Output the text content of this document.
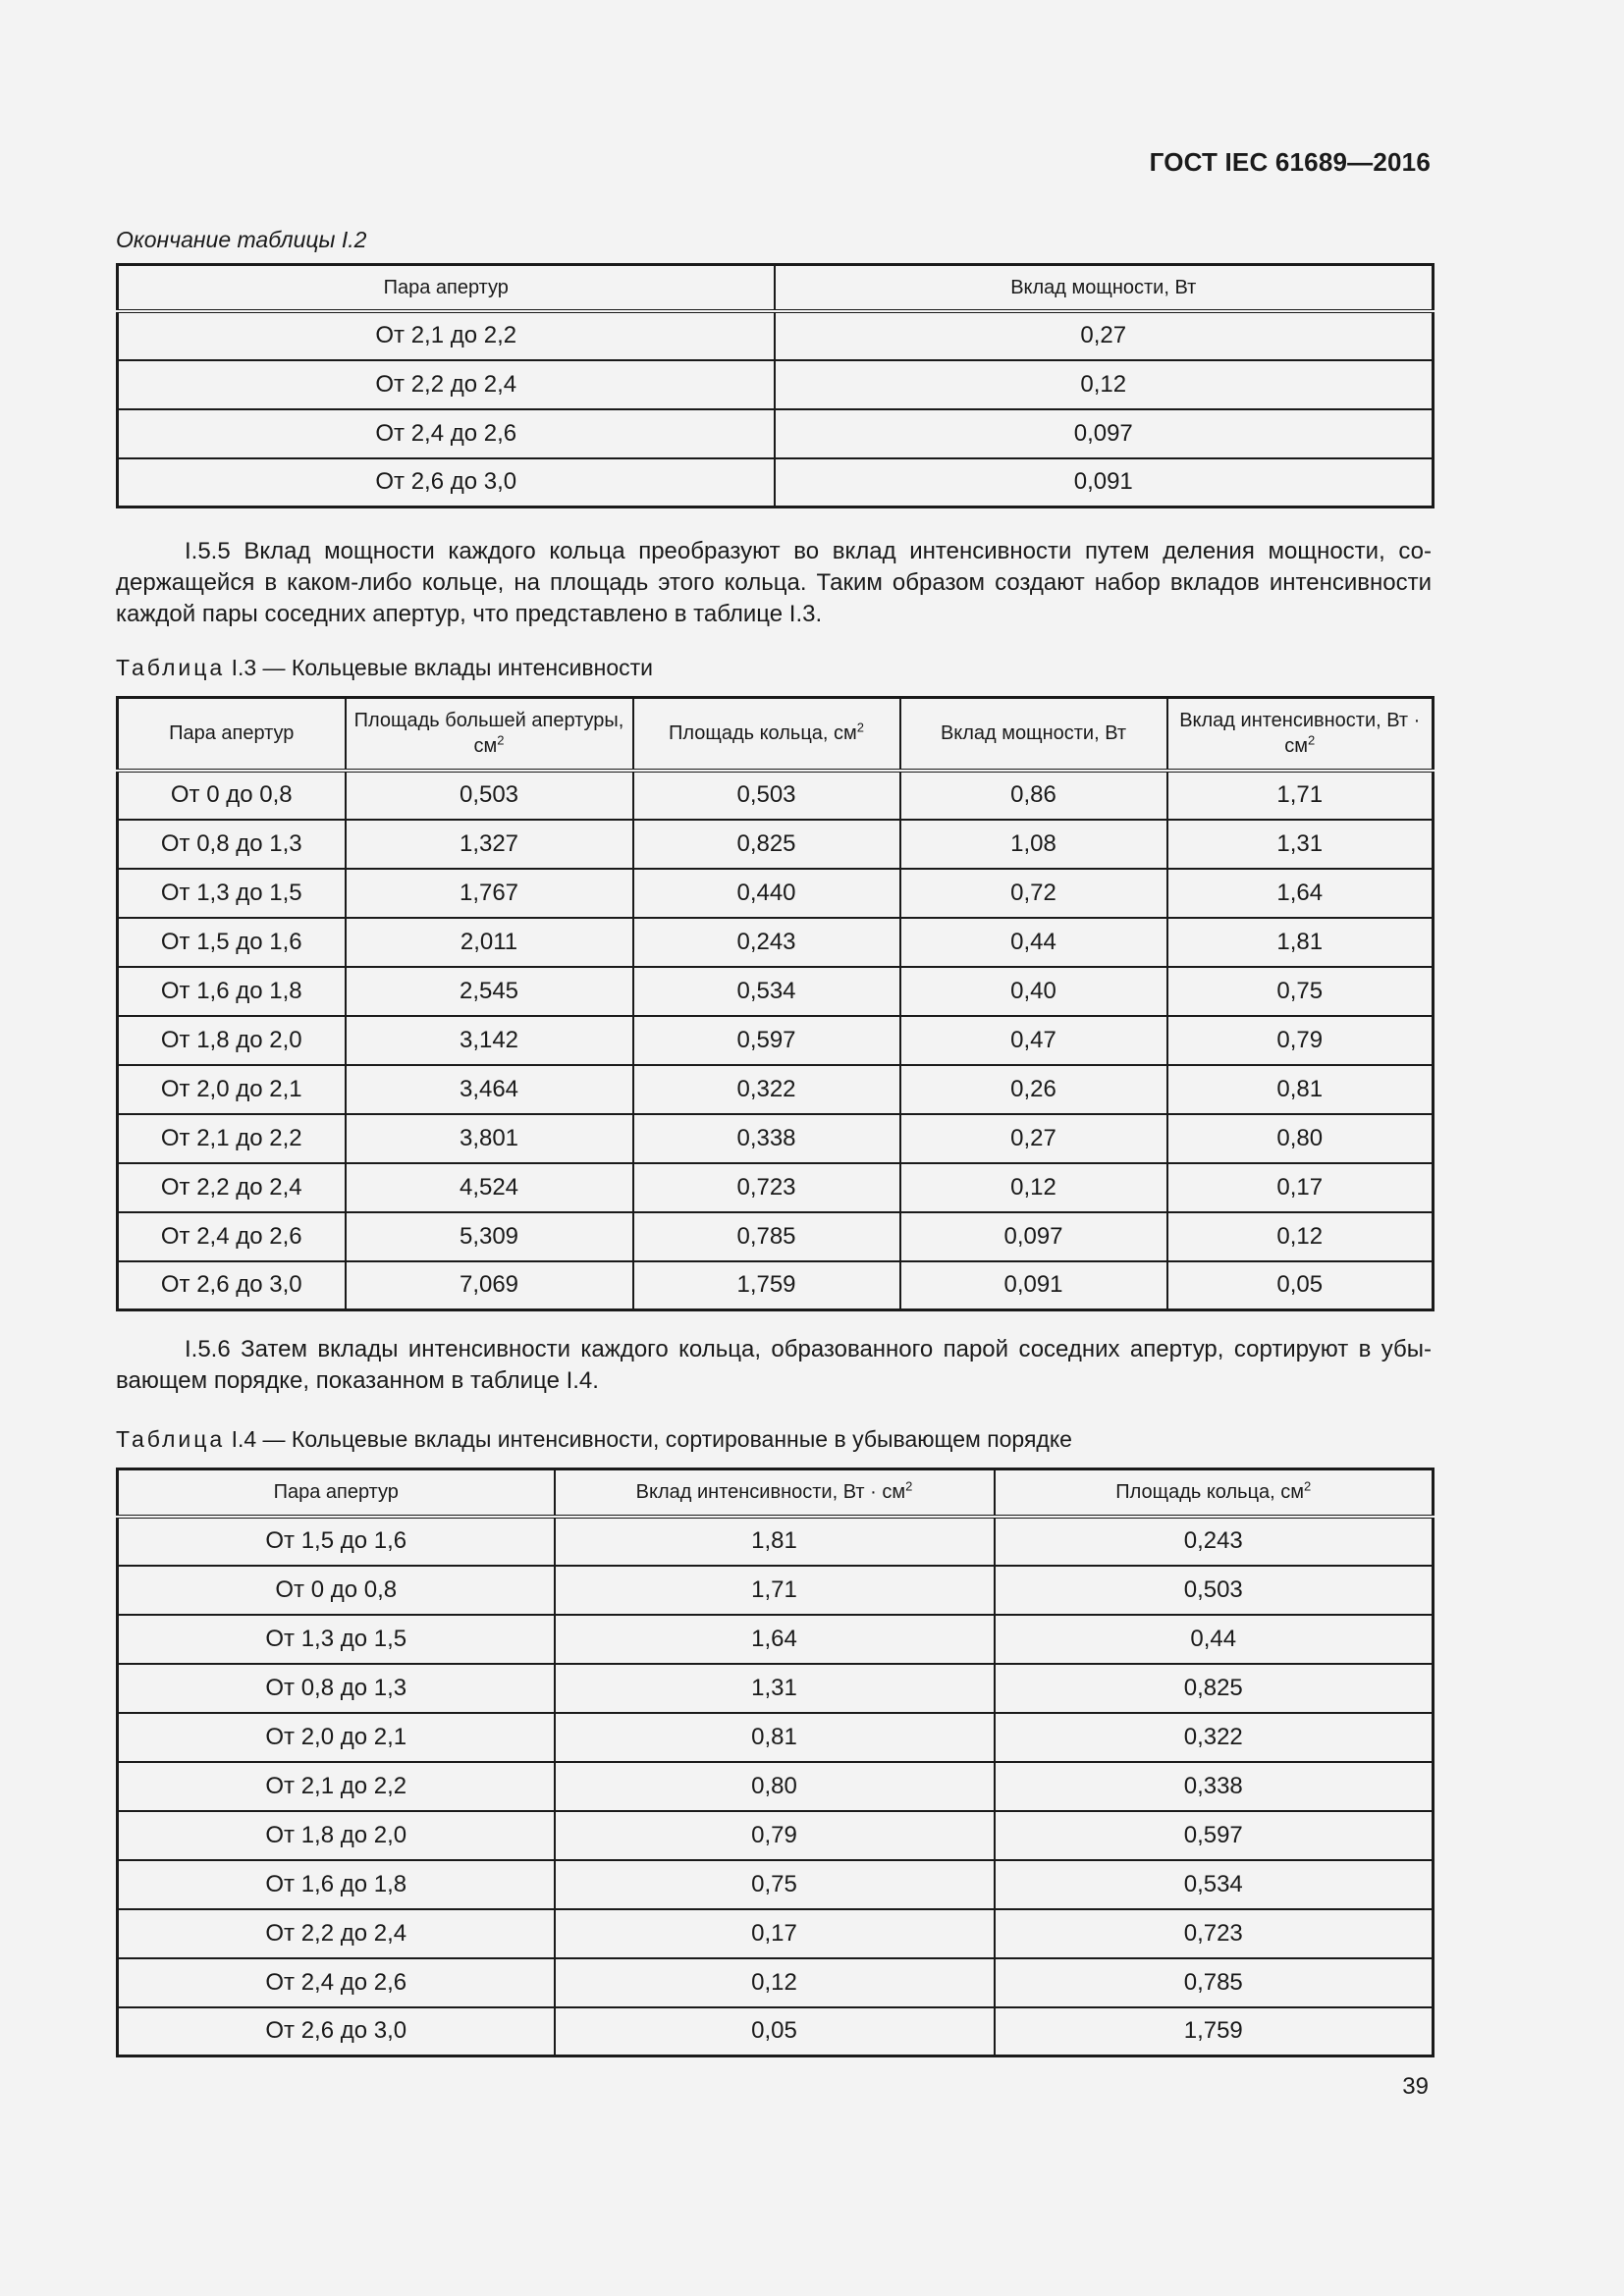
ГОСТ IEC 61689—2016
Окончание таблицы I.2
Пара апертур	Вклад мощности, Вт
От 2,1 до 2,2	0,27
От 2,2 до 2,4	0,12
От 2,4 до 2,6	0,097
От 2,6 до 3,0	0,091
I.5.5 Вклад мощности каждого кольца преобразуют во вклад интенсивности путем деления мощности, со-
держащейся в каком-либо кольце, на площадь этого кольца. Таким образом создают набор вкладов интенсивности каждой пары соседних апертур, что представлено в таблице I.3.
Таблица I.3 — Кольцевые вклады интенсивности
Пара апертур	Площадь большей апертуры, $см^2$	Площадь кольца, $см^2$	Вклад мощности, Вт	Вклад интенсивности, Вт · $см^2$
От 0 до 0,8	0,503	0,503	0,86	1,71
От 0,8 до 1,3	1,327	0,825	1,08	1,31
От 1,3 до 1,5	1,767	0,440	0,72	1,64
От 1,5 до 1,6	2,011	0,243	0,44	1,81
От 1,6 до 1,8	2,545	0,534	0,40	0,75
От 1,8 до 2,0	3,142	0,597	0,47	0,79
От 2,0 до 2,1	3,464	0,322	0,26	0,81
От 2,1 до 2,2	3,801	0,338	0,27	0,80
От 2,2 до 2,4	4,524	0,723	0,12	0,17
От 2,4 до 2,6	5,309	0,785	0,097	0,12
От 2,6 до 3,0	7,069	1,759	0,091	0,05
I.5.6 Затем вклады интенсивности каждого кольца, образованного парой соседних апертур, сортируют в убы-
вающем порядке, показанном в таблице I.4.
Таблица I.4 — Кольцевые вклады интенсивности, сортированные в убывающем порядке
Пара апертур	Вклад интенсивности, Вт · $см^2$	Площадь кольца, $см^2$
От 1,5 до 1,6	1,81	0,243
От 0 до 0,8	1,71	0,503
От 1,3 до 1,5	1,64	0,44
От 0,8 до 1,3	1,31	0,825
От 2,0 до 2,1	0,81	0,322
От 2,1 до 2,2	0,80	0,338
От 1,8 до 2,0	0,79	0,597
От 1,6 до 1,8	0,75	0,534
От 2,2 до 2,4	0,17	0,723
От 2,4 до 2,6	0,12	0,785
От 2,6 до 3,0	0,05	1,759
39
